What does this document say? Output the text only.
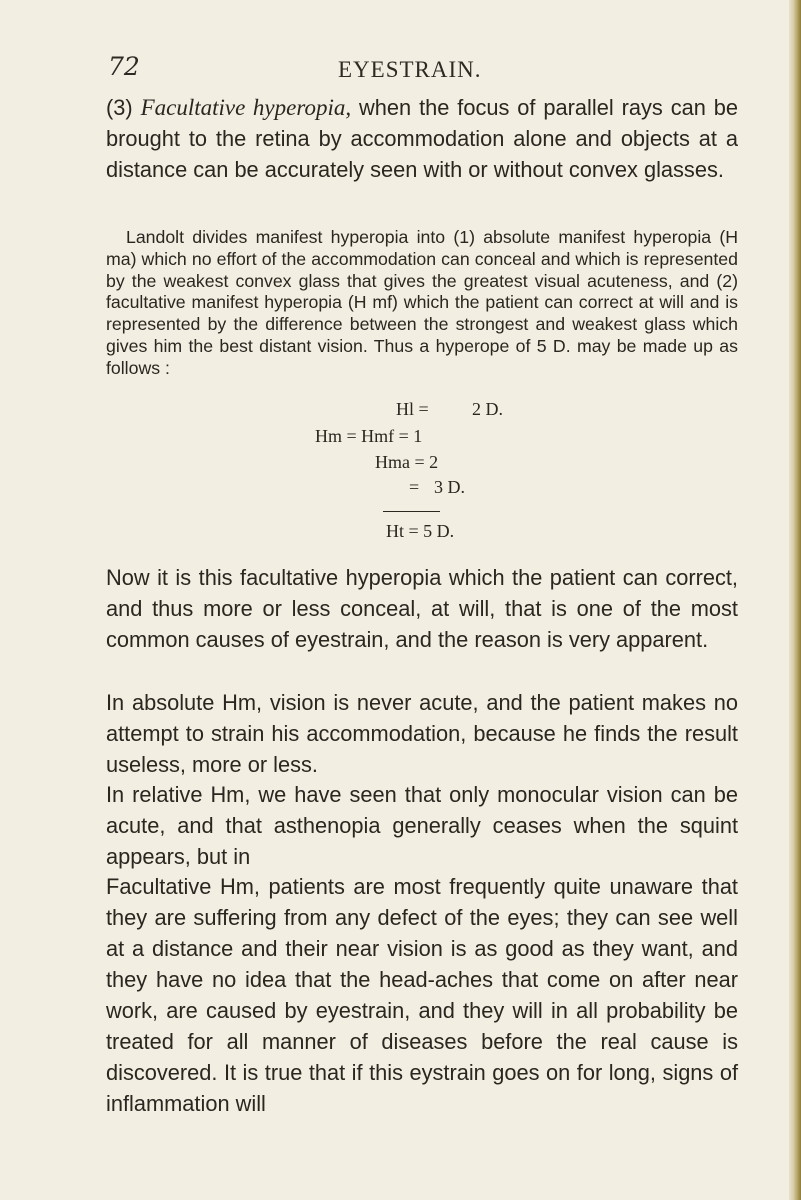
72	EYESTRAIN.

(3) Facultative hyperopia, when the focus of parallel rays can be brought to the retina by accommodation alone and objects at a distance can be accurately seen with or without convex glasses.

Landolt divides manifest hyperopia into (1) absolute manifest hyperopia (H ma) which no effort of the accommodation can conceal and which is represented by the weakest convex glass that gives the greatest visual acuteness, and (2) facultative manifest hyperopia (H mf) which the patient can correct at will and is represented by the difference between the strongest and weakest glass which gives him the best distant vision. Thus a hyperope of 5 D. may be made up as follows :

Hl = 2 D.
Hm = Hmf = 1
Hma = 2
= 3 D.
Ht = 5 D.

Now it is this facultative hyperopia which the patient can correct, and thus more or less conceal, at will, that is one of the most common causes of eyestrain, and the reason is very apparent.

In absolute Hm, vision is never acute, and the patient makes no attempt to strain his accommodation, because he finds the result useless, more or less.

In relative Hm, we have seen that only monocular vision can be acute, and that asthenopia generally ceases when the squint appears, but in

Facultative Hm, patients are most frequently quite unaware that they are suffering from any defect of the eyes; they can see well at a distance and their near vision is as good as they want, and they have no idea that the head-aches that come on after near work, are caused by eyestrain, and they will in all probability be treated for all manner of diseases before the real cause is discovered. It is true that if this eystrain goes on for long, signs of inflammation will
